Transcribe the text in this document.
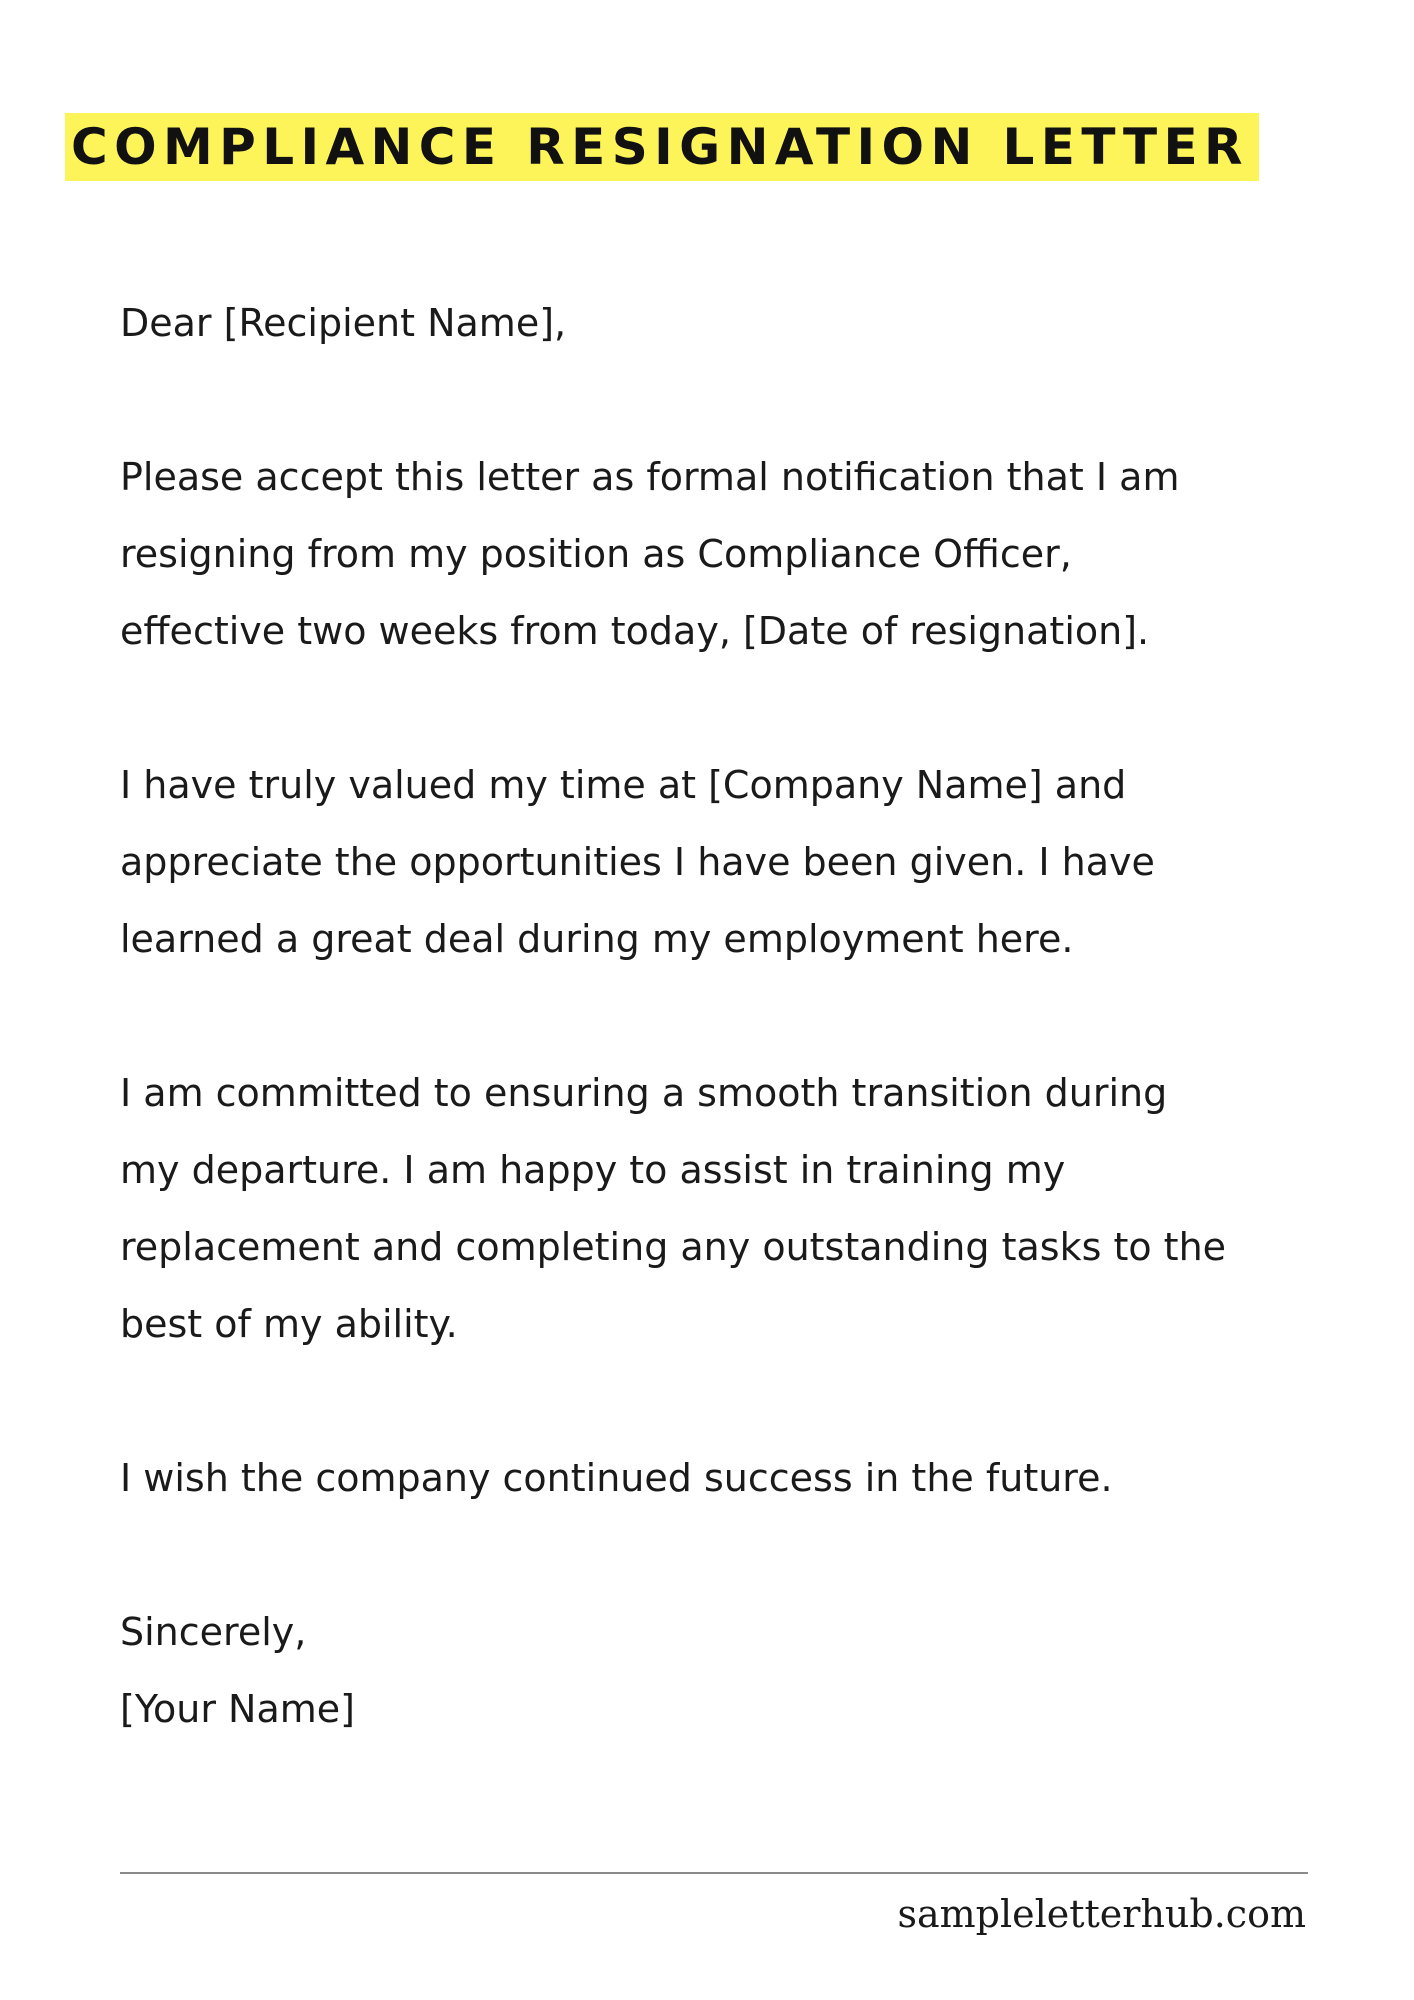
COMPLIANCE RESIGNATION LETTER

Dear [Recipient Name],

Please accept this letter as formal notification that I am
resigning from my position as Compliance Officer,
effective two weeks from today, [Date of resignation].

I have truly valued my time at [Company Name] and
appreciate the opportunities I have been given. I have
learned a great deal during my employment here.

I am committed to ensuring a smooth transition during
my departure. I am happy to assist in training my
replacement and completing any outstanding tasks to the
best of my ability.

I wish the company continued success in the future.

Sincerely,

[Your Name]

sampleletterhub.com
